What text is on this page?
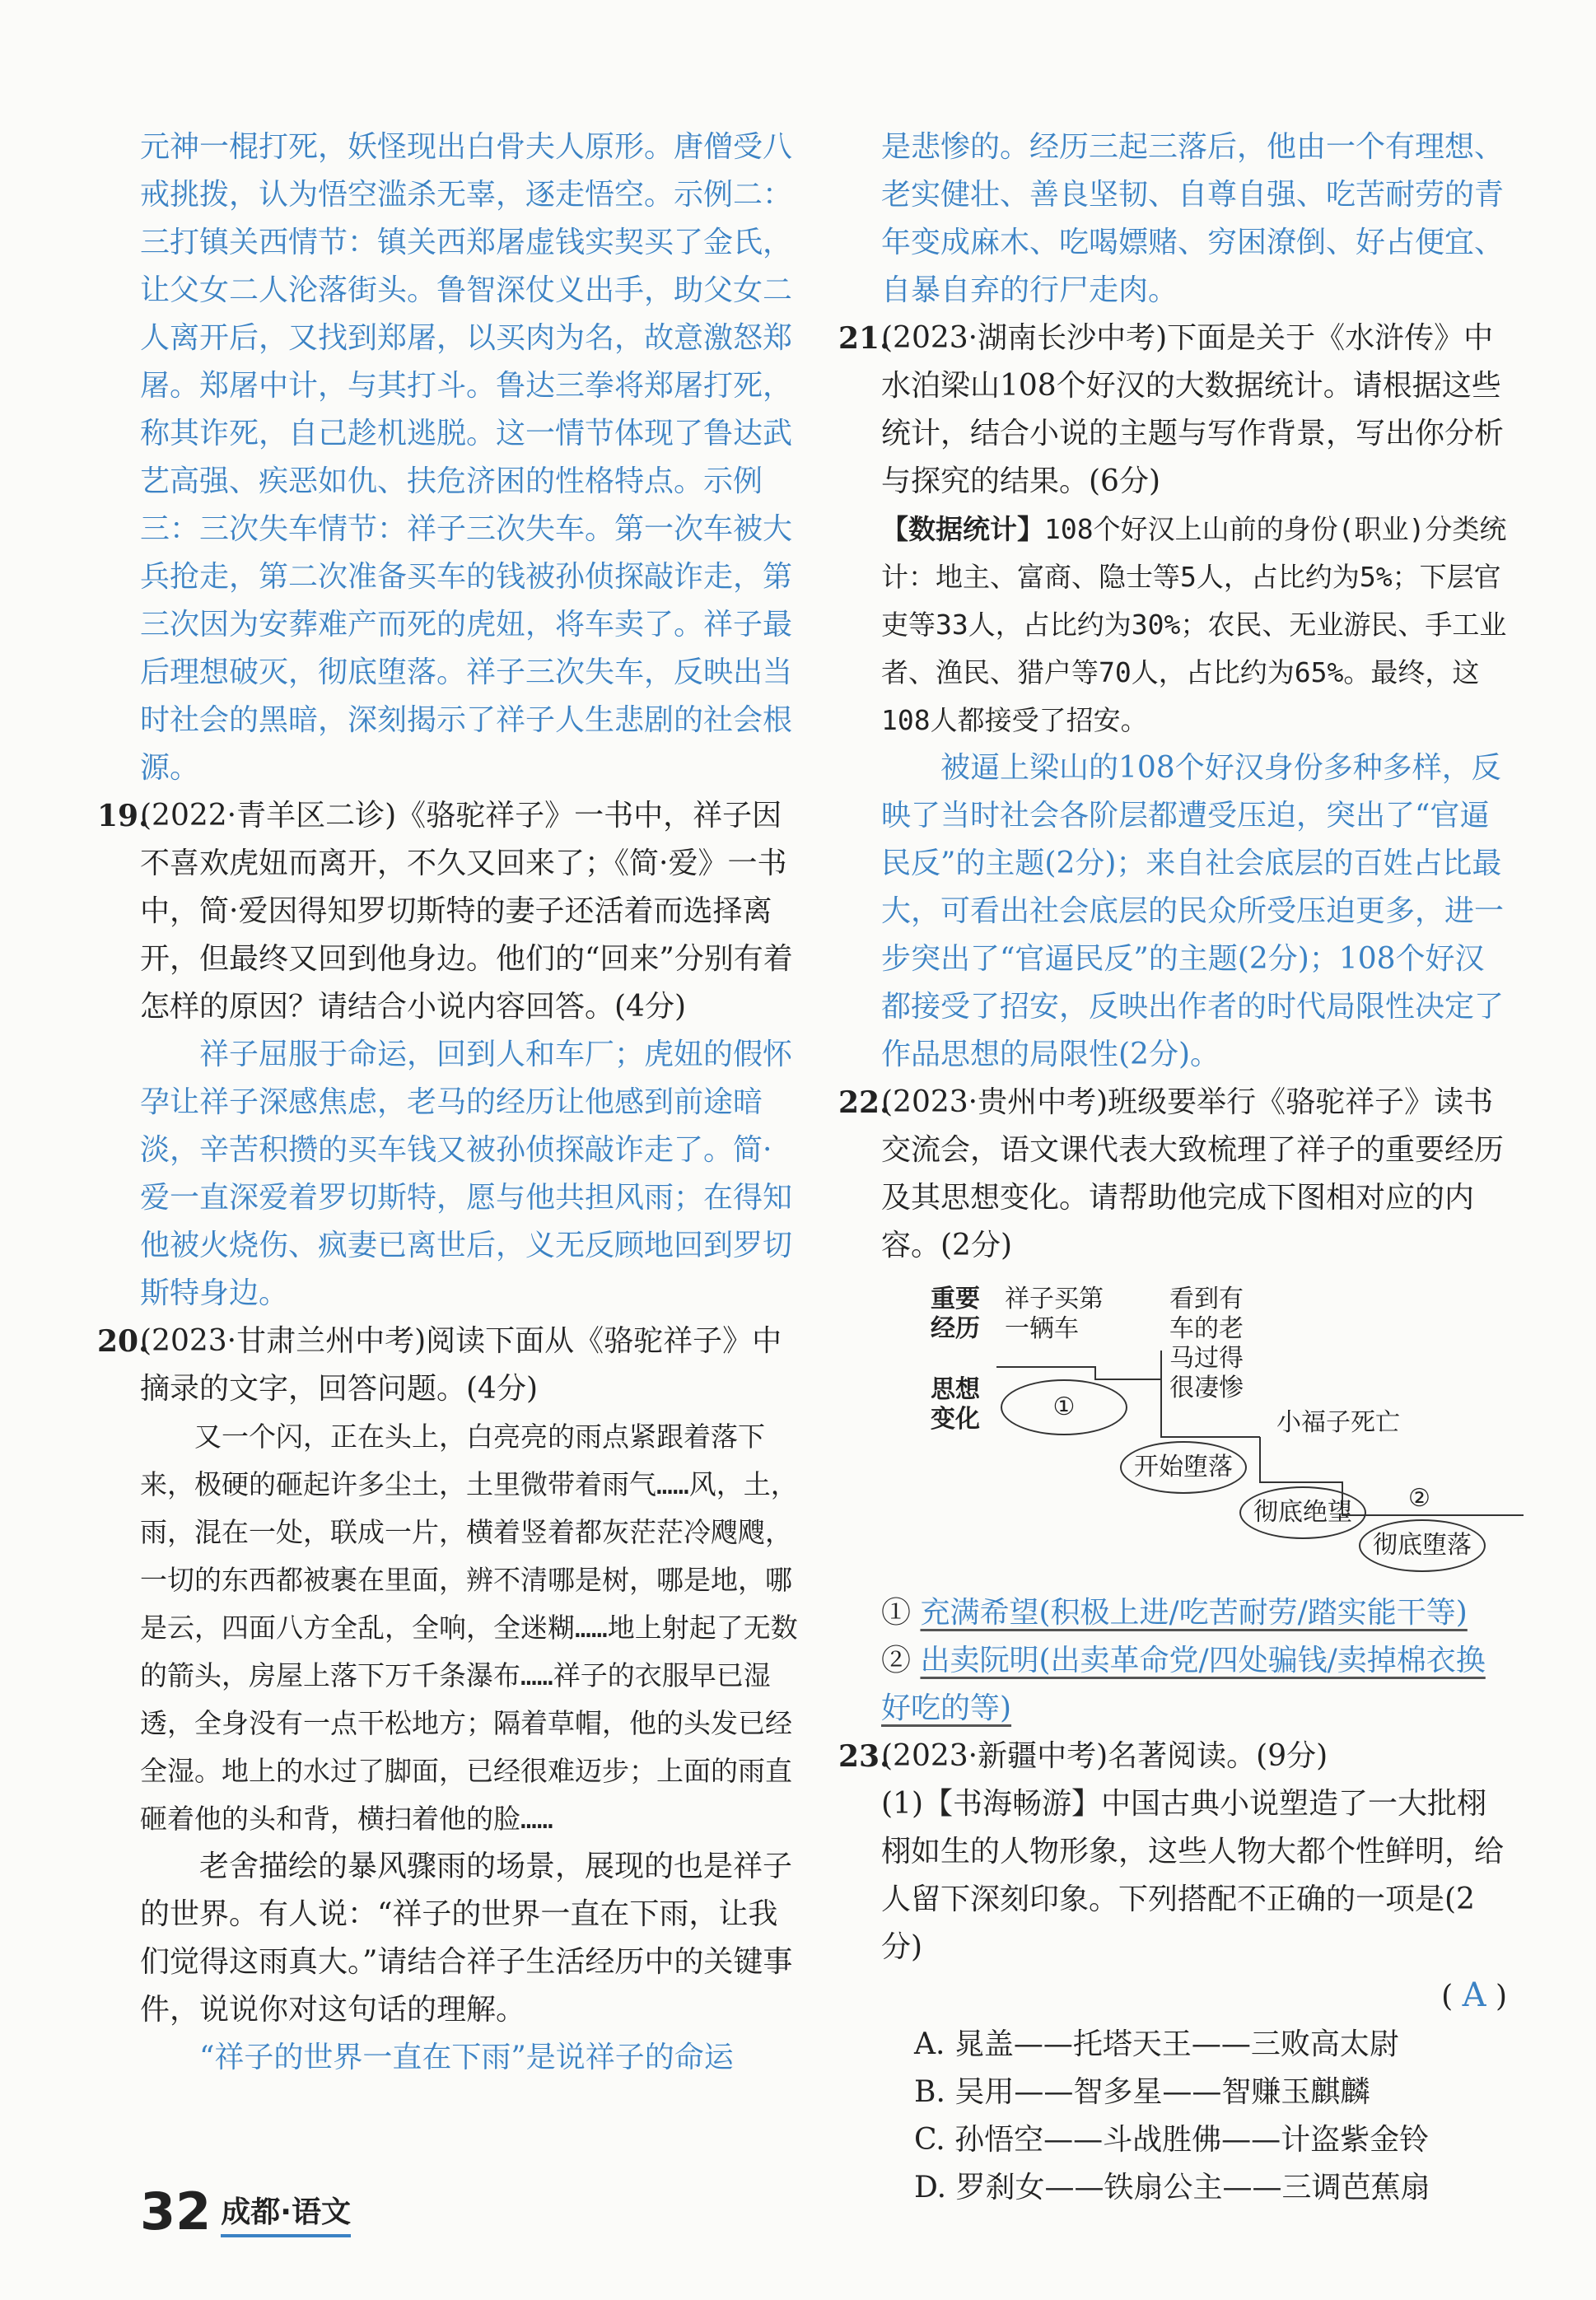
元神一棍打死，妖怪现出白骨夫人原形。唐僧受八戒挑拨，认为悟空滥杀无辜，逐走悟空。示例二：三打镇关西情节：镇关西郑屠虚钱实契买了金氏，让父女二人沦落街头。鲁智深仗义出手，助父女二人离开后，又找到郑屠，以买肉为名，故意激怒郑屠。郑屠中计，与其打斗。鲁达三拳将郑屠打死，称其诈死，自己趁机逃脱。这一情节体现了鲁达武艺高强、疾恶如仇、扶危济困的性格特点。示例三：三次失车情节：祥子三次失车。第一次车被大兵抢走，第二次准备买车的钱被孙侦探敲诈走，第三次因为安葬难产而死的虎妞，将车卖了。祥子最后理想破灭，彻底堕落。祥子三次失车，反映出当时社会的黑暗，深刻揭示了祥子人生悲剧的社会根源。

19.

(2022·青羊区二诊)《骆驼祥子》一书中，祥子因不喜欢虎妞而离开，不久又回来了；《简·爱》一书中，简·爱因得知罗切斯特的妻子还活着而选择离开，但最终又回到他身边。他们的“回来”分别有着怎样的原因？请结合小说内容回答。(4分)

祥子屈服于命运，回到人和车厂；虎妞的假怀孕让祥子深感焦虑，老马的经历让他感到前途暗淡，辛苦积攒的买车钱又被孙侦探敲诈走了。简·爱一直深爱着罗切斯特，愿与他共担风雨；在得知他被火烧伤、疯妻已离世后，义无反顾地回到罗切斯特身边。

20.

(2023·甘肃兰州中考)阅读下面从《骆驼祥子》中摘录的文字，回答问题。(4分)

又一个闪，正在头上，白亮亮的雨点紧跟着落下来，极硬的砸起许多尘土，土里微带着雨气……风，土，雨，混在一处，联成一片，横着竖着都灰茫茫冷飕飕，一切的东西都被裹在里面，辨不清哪是树，哪是地，哪是云，四面八方全乱，全响，全迷糊……地上射起了无数的箭头，房屋上落下万千条瀑布……祥子的衣服早已湿透，全身没有一点干松地方；隔着草帽，他的头发已经全湿。地上的水过了脚面，已经很难迈步；上面的雨直砸着他的头和背，横扫着他的脸……

老舍描绘的暴风骤雨的场景，展现的也是祥子的世界。有人说：“祥子的世界一直在下雨，让我们觉得这雨真大。”请结合祥子生活经历中的关键事件，说说你对这句话的理解。

“祥子的世界一直在下雨”是说祥子的命运

是悲惨的。经历三起三落后，他由一个有理想、老实健壮、善良坚韧、自尊自强、吃苦耐劳的青年变成麻木、吃喝嫖赌、穷困潦倒、好占便宜、自暴自弃的行尸走肉。

21.

(2023·湖南长沙中考)下面是关于《水浒传》中水泊梁山108个好汉的大数据统计。请根据这些统计，结合小说的主题与写作背景，写出你分析与探究的结果。(6分)

【数据统计】108个好汉上山前的身份(职业)分类统计：地主、富商、隐士等5人，占比约为5%；下层官吏等33人，占比约为30%；农民、无业游民、手工业者、渔民、猎户等70人，占比约为65%。最终，这108人都接受了招安。

被逼上梁山的108个好汉身份多种多样，反映了当时社会各阶层都遭受压迫，突出了“官逼民反”的主题(2分)；来自社会底层的百姓占比最大，可看出社会底层的民众所受压迫更多，进一步突出了“官逼民反”的主题(2分)；108个好汉都接受了招安，反映出作者的时代局限性决定了作品思想的局限性(2分)。

22.

(2023·贵州中考)班级要举行《骆驼祥子》读书交流会，语文课代表大致梳理了祥子的重要经历及其思想变化。请帮助他完成下图相对应的内容。(2分)

重要经历
思想变化
祥子买第一辆车
看到有车的老马过得很凄惨
小福子死亡
①
开始堕落
彻底绝望 ②
彻底堕落

① 充满希望(积极上进/吃苦耐劳/踏实能干等)

② 出卖阮明(出卖革命党/四处骗钱/卖掉棉衣换好吃的等)

23.

(2023·新疆中考)名著阅读。(9分)

(1)【书海畅游】中国古典小说塑造了一大批栩栩如生的人物形象，这些人物大都个性鲜明，给人留下深刻印象。下列搭配不正确的一项是(2分)

( A )

A. 晁盖——托塔天王——三败高太尉

B. 吴用——智多星——智赚玉麒麟

C. 孙悟空——斗战胜佛——计盗紫金铃

D. 罗刹女——铁扇公主——三调芭蕉扇

32 成都·语文
